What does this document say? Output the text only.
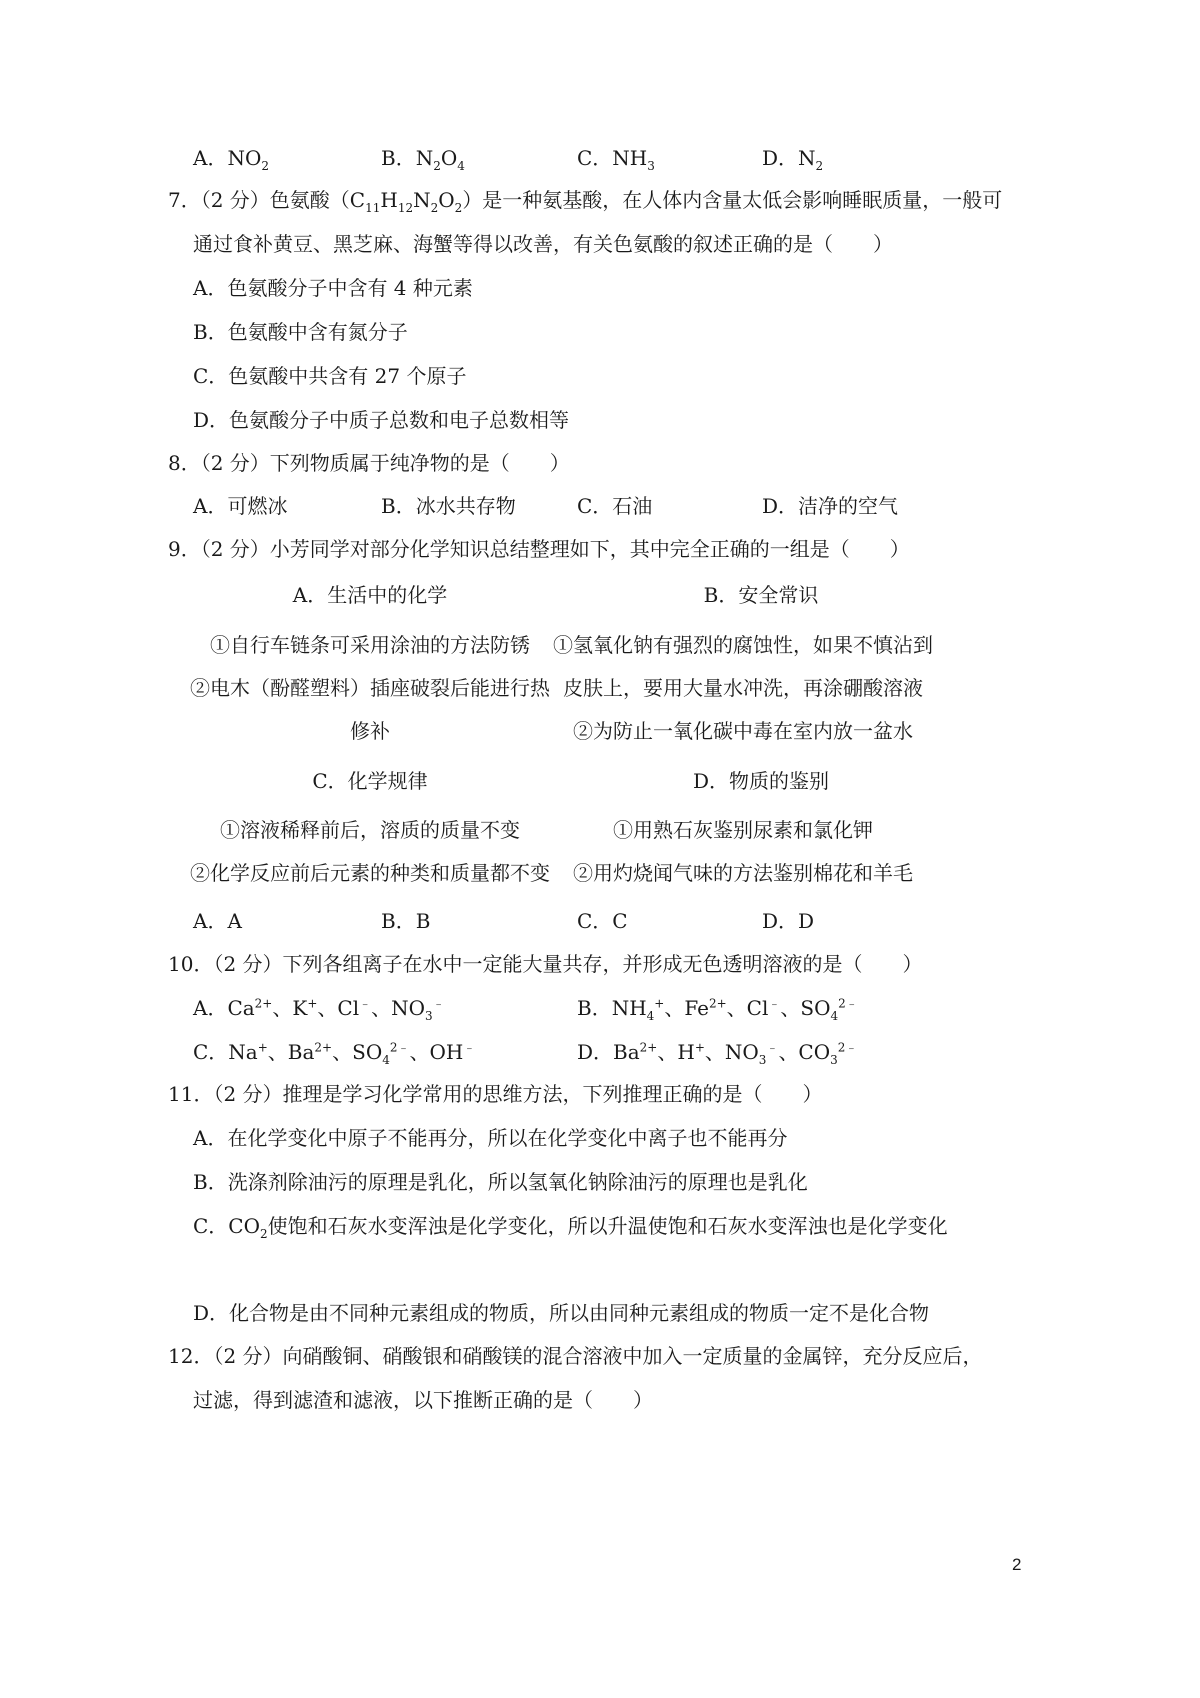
A．$NO_2$	B．$N_2O_4$	C．$NH_3$	D．$N_2$
7．（2 分）色氨酸$(C_{11}H_{12}N_2O_2)$是一种氨基酸，在人体内含量太低会影响睡眠质量，一般可
通过食补黄豆、黑芝麻、海蟹等得以改善，有关色氨酸的叙述正确的是（　　）
A．色氨酸分子中含有 4 种元素
B．色氨酸中含有氮分子
C．色氨酸中共含有 27 个原子
D．色氨酸分子中质子总数和电子总数相等
8．（2 分）下列物质属于纯净物的是（　　）
A．可燃冰	B．冰水共存物	C．石油	D．洁净的空气
9．（2 分）小芳同学对部分化学知识总结整理如下，其中完全正确的一组是（　　）
A．生活中的化学	B．安全常识
①自行车链条可采用涂油的方法防锈
②电木（酚醛塑料）插座破裂后能进行热
修补
①氢氧化钠有强烈的腐蚀性，如果不慎沾到
皮肤上，要用大量水冲洗，再涂硼酸溶液
②为防止一氧化碳中毒在室内放一盆水
C．化学规律	D．物质的鉴别
①溶液稀释前后，溶质的质量不变
②化学反应前后元素的种类和质量都不变
①用熟石灰鉴别尿素和氯化钾
②用灼烧闻气味的方法鉴别棉花和羊毛
A．A	B．B	C．C	D．D
10．（2 分）下列各组离子在水中一定能大量共存，并形成无色透明溶液的是（　　）
A．$Ca^{2+}$、K+、Cl﹣、$NO_3^﹣$	B．$NH_4^+$、$Fe^{2+}$、Cl﹣、$SO_4^{2﹣}$
C．Na+、$Ba^{2+}$、$SO_4^{2﹣}$、OH﹣	D．$Ba^{2+}$、H+、$NO_3^﹣$、$CO_3^{2﹣}$
11．（2 分）推理是学习化学常用的思维方法，下列推理正确的是（　　）
A．在化学变化中原子不能再分，所以在化学变化中离子也不能再分
B．洗涤剂除油污的原理是乳化，所以氢氧化钠除油污的原理也是乳化
C．$CO_2$使饱和石灰水变浑浊是化学变化，所以升温使饱和石灰水变浑浊也是化学变化
D．化合物是由不同种元素组成的物质，所以由同种元素组成的物质一定不是化合物
12．（2 分）向硝酸铜、硝酸银和硝酸镁的混合溶液中加入一定质量的金属锌，充分反应后，
过滤，得到滤渣和滤液，以下推断正确的是（　　）
2
